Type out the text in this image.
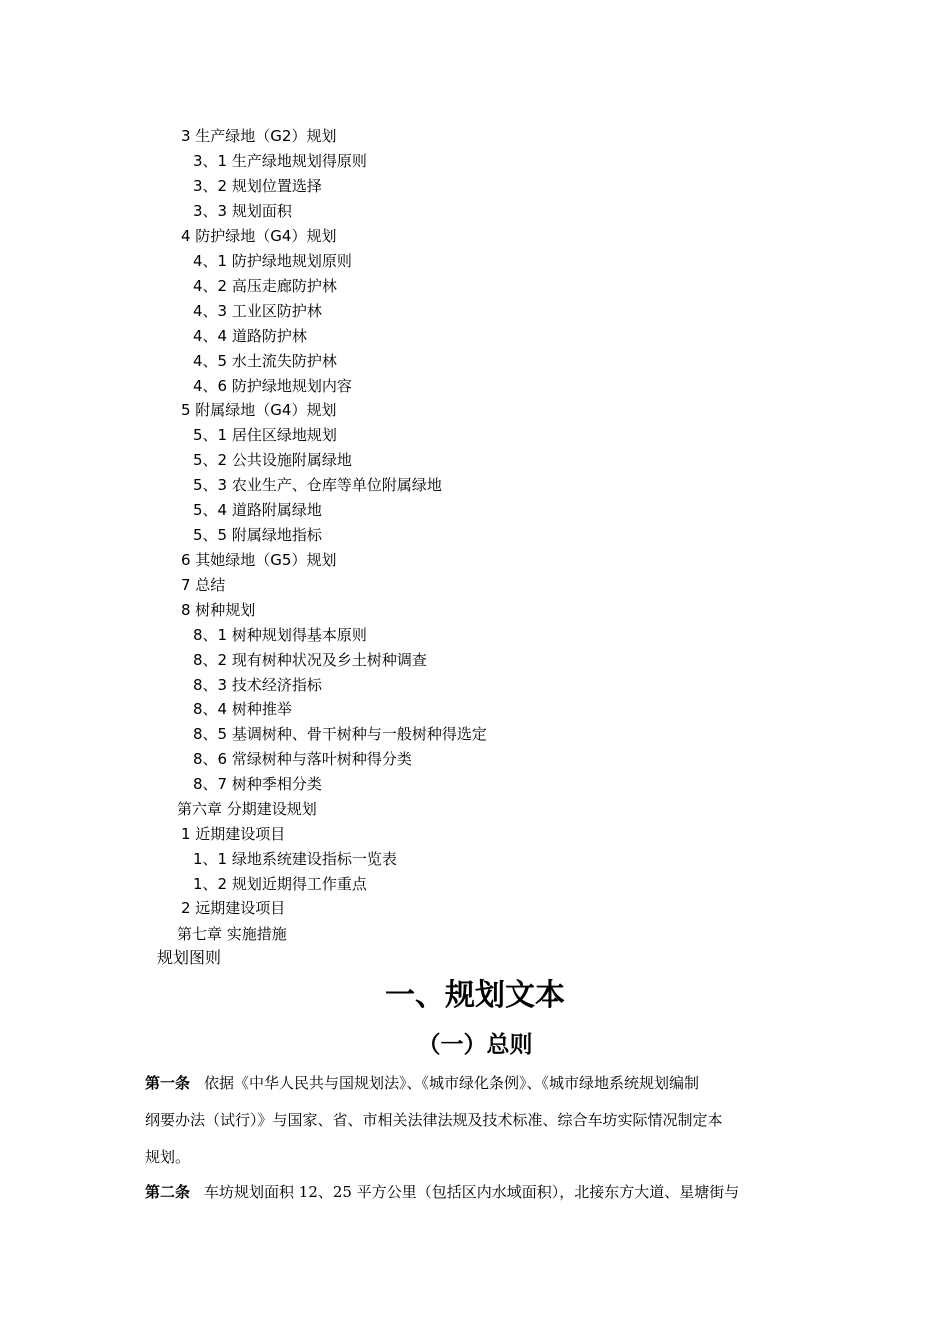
3 生产绿地（G2）规划
3、1 生产绿地规划得原则
3、2 规划位置选择
3、3 规划面积
4 防护绿地（G4）规划
4、1 防护绿地规划原则
4、2 高压走廊防护林
4、3 工业区防护林
4、4 道路防护林
4、5 水土流失防护林
4、6 防护绿地规划内容
5 附属绿地（G4）规划
5、1 居住区绿地规划
5、2 公共设施附属绿地
5、3 农业生产、仓库等单位附属绿地
5、4 道路附属绿地
5、5 附属绿地指标
6 其她绿地（G5）规划
7 总结
8 树种规划
8、1 树种规划得基本原则
8、2 现有树种状况及乡土树种调查
8、3 技术经济指标
8、4 树种推举
8、5 基调树种、骨干树种与一般树种得选定
8、6 常绿树种与落叶树种得分类
8、7 树种季相分类
第六章 分期建设规划
1 近期建设项目
1、1 绿地系统建设指标一览表
1、2 规划近期得工作重点
2 远期建设项目
第七章 实施措施
规划图则
一、规划文本
（一）总则
第一条 依据《中华人民共与国规划法》、《城市绿化条例》、《城市绿地系统规划编制
纲要办法（试行）》与国家、省、市相关法律法规及技术标准、综合车坊实际情况制定本
规划。
第二条 车坊规划面积 12、25 平方公里（包括区内水域面积），北接东方大道、星塘街与
